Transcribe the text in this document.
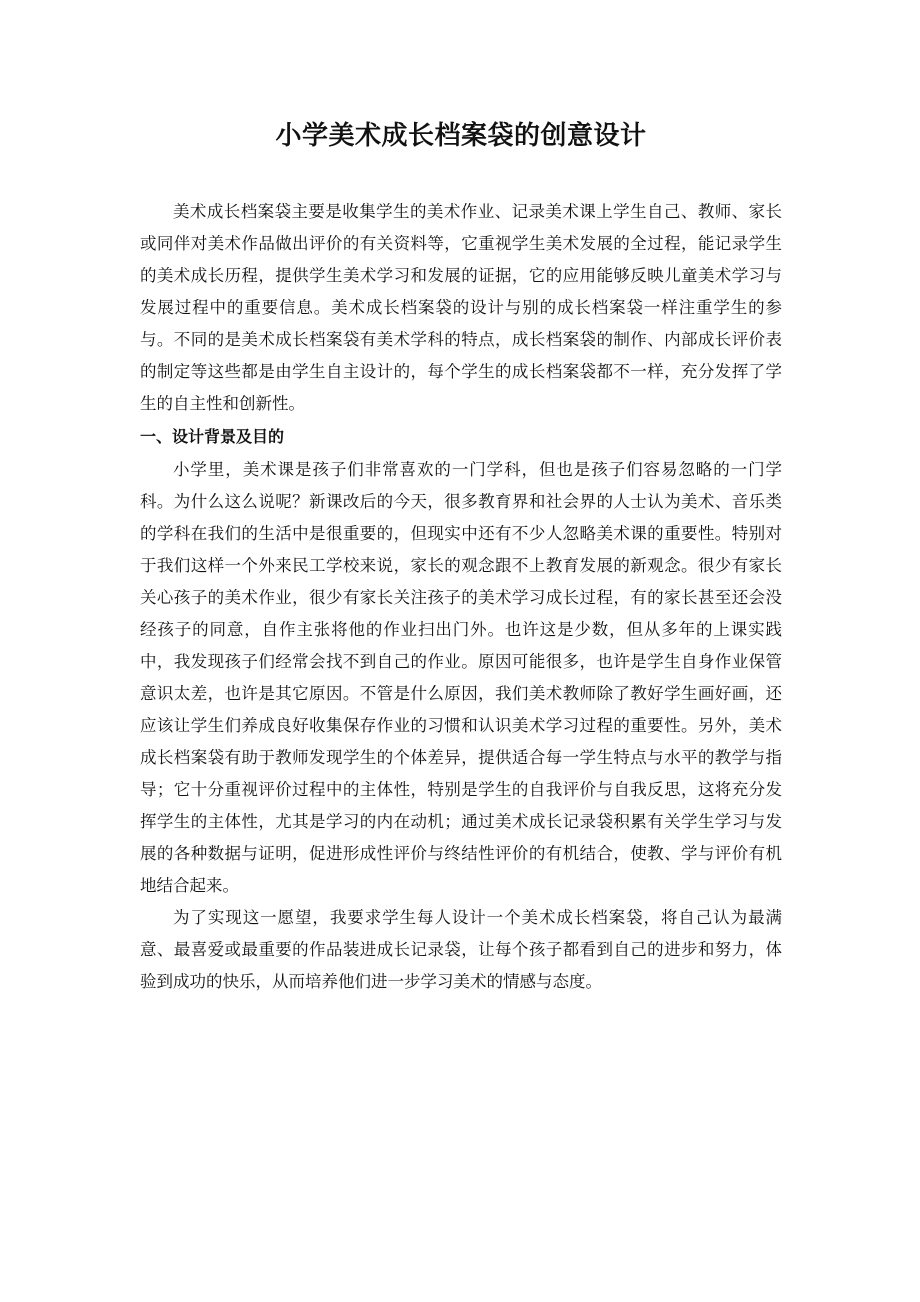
小学美术成长档案袋的创意设计

美术成长档案袋主要是收集学生的美术作业、记录美术课上学生自己、教师、家长或同伴对美术作品做出评价的有关资料等，它重视学生美术发展的全过程，能记录学生的美术成长历程，提供学生美术学习和发展的证据，它的应用能够反映儿童美术学习与发展过程中的重要信息。美术成长档案袋的设计与别的成长档案袋一样注重学生的参与。不同的是美术成长档案袋有美术学科的特点，成长档案袋的制作、内部成长评价表的制定等这些都是由学生自主设计的，每个学生的成长档案袋都不一样，充分发挥了学生的自主性和创新性。

一、设计背景及目的

小学里，美术课是孩子们非常喜欢的一门学科，但也是孩子们容易忽略的一门学科。为什么这么说呢？新课改后的今天，很多教育界和社会界的人士认为美术、音乐类的学科在我们的生活中是很重要的，但现实中还有不少人忽略美术课的重要性。特别对于我们这样一个外来民工学校来说，家长的观念跟不上教育发展的新观念。很少有家长关心孩子的美术作业，很少有家长关注孩子的美术学习成长过程，有的家长甚至还会没经孩子的同意，自作主张将他的作业扫出门外。也许这是少数，但从多年的上课实践中，我发现孩子们经常会找不到自己的作业。原因可能很多，也许是学生自身作业保管意识太差，也许是其它原因。不管是什么原因，我们美术教师除了教好学生画好画，还应该让学生们养成良好收集保存作业的习惯和认识美术学习过程的重要性。另外，美术成长档案袋有助于教师发现学生的个体差异，提供适合每一学生特点与水平的教学与指导；它十分重视评价过程中的主体性，特别是学生的自我评价与自我反思，这将充分发挥学生的主体性，尤其是学习的内在动机；通过美术成长记录袋积累有关学生学习与发展的各种数据与证明，促进形成性评价与终结性评价的有机结合，使教、学与评价有机地结合起来。

为了实现这一愿望，我要求学生每人设计一个美术成长档案袋，将自己认为最满意、最喜爱或最重要的作品装进成长记录袋，让每个孩子都看到自己的进步和努力，体验到成功的快乐，从而培养他们进一步学习美术的情感与态度。
